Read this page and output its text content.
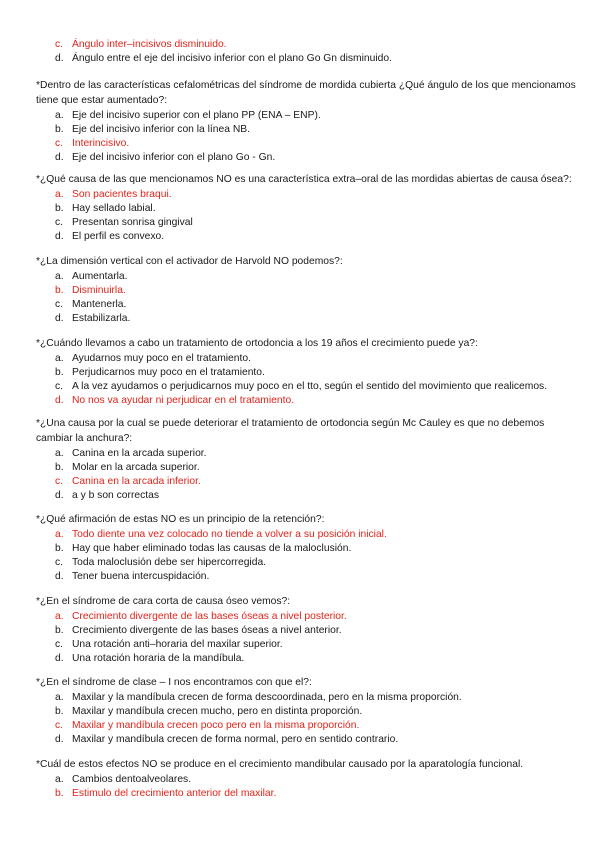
c. Ángulo inter–incisivos disminuido.
d. Ángulo entre el eje del incisivo inferior con el plano Go Gn disminuido.
*Dentro de las características cefalométricas del síndrome de mordida cubierta ¿Qué ángulo de los que mencionamos tiene que estar aumentado?:
a. Eje del incisivo superior con el plano PP (ENA – ENP).
b. Eje del incisivo inferior con la línea NB.
c. Interincisivo.
d. Eje del incisivo inferior con el plano Go - Gn.
*¿Qué causa de las que mencionamos NO es una característica extra–oral de las mordidas abiertas de causa ósea?:
a. Son pacientes braqui.
b. Hay sellado labial.
c. Presentan sonrisa gingival
d. El perfil es convexo.
*¿La dimensión vertical con el activador de Harvold NO podemos?:
a. Aumentarla.
b. Disminuirla.
c. Mantenerla.
d. Estabilizarla.
*¿Cuándo llevamos a cabo un tratamiento de ortodoncia a los 19 años el crecimiento puede ya?:
a. Ayudarnos muy poco en el tratamiento.
b. Perjudicarnos muy poco en el tratamiento.
c. A la vez ayudamos o perjudicarnos muy poco en el tto, según el sentido del movimiento que realicemos.
d. No nos va ayudar ni perjudicar en el tratamiento.
*¿Una causa por la cual se puede deteriorar el tratamiento de ortodoncia según Mc Cauley es que no debemos cambiar la anchura?:
a. Canina en la arcada superior.
b. Molar en la arcada superior.
c. Canina en la arcada inferior.
d. a y b son correctas
*¿Qué afirmación de estas NO es un principio de la retención?:
a. Todo diente una vez colocado no tiende a volver a su posición inicial.
b. Hay que haber eliminado todas las causas de la maloclusión.
c. Toda maloclusión debe ser hipercorregida.
d. Tener buena intercuspidación.
*¿En el síndrome de cara corta de causa óseo vemos?:
a. Crecimiento divergente de las bases óseas a nivel posterior.
b. Crecimiento divergente de las bases óseas a nivel anterior.
c. Una rotación anti–horaria del maxilar superior.
d. Una rotación horaria de la mandíbula.
*¿En el síndrome de clase – I nos encontramos con que el?:
a. Maxilar y la mandíbula crecen de forma descoordinada, pero en la misma proporción.
b. Maxilar y mandíbula crecen mucho, pero en distinta proporción.
c. Maxilar y mandíbula crecen poco pero en la misma proporción.
d. Maxilar y mandíbula crecen de forma normal, pero en sentido contrario.
*Cuál de estos efectos NO se produce en el crecimiento mandibular causado por la aparatología funcional.
a. Cambios dentoalveolares.
b. Estimulo del crecimiento anterior del maxilar.
